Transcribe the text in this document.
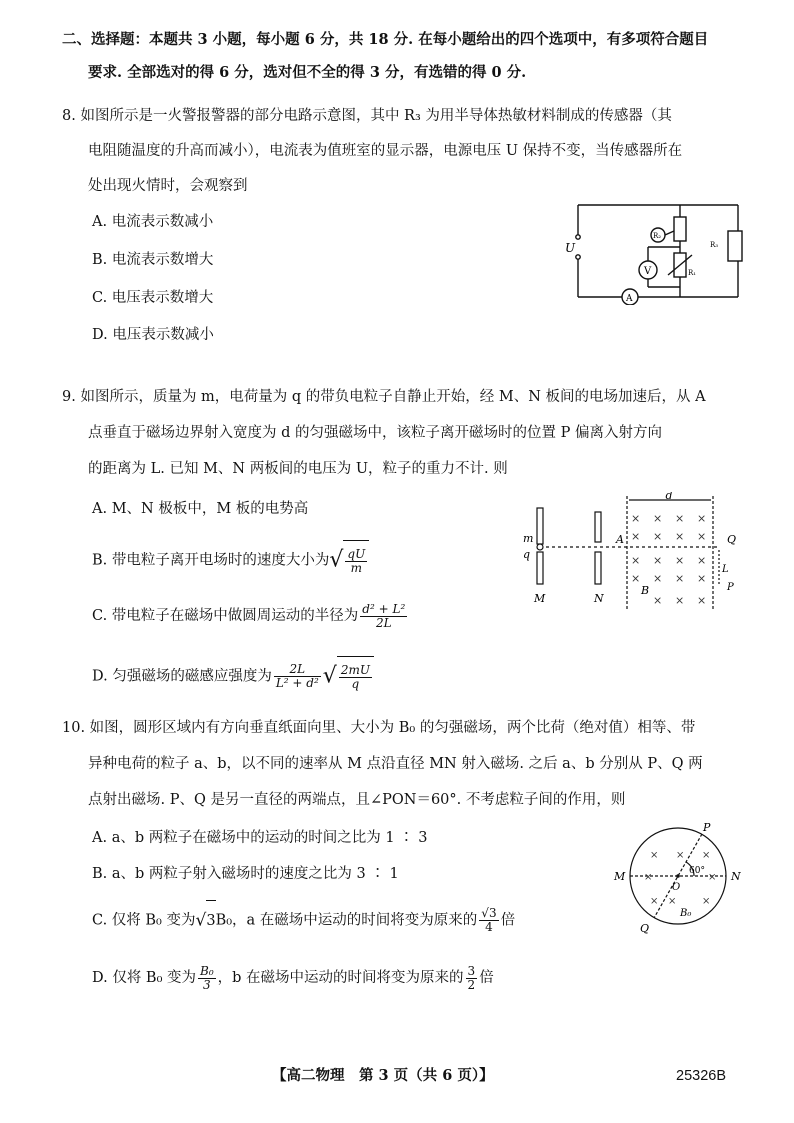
二、选择题：本题共 3 小题，每小题 6 分，共 18 分. 在每小题给出的四个选项中，有多项符合题目
要求. 全部选对的得 6 分，选对但不全的得 3 分，有选错的得 0 分.
8. 如图所示是一火警报警器的部分电路示意图，其中 R₃ 为用半导体热敏材料制成的传感器（其
电阻随温度的升高而减小），电流表为值班室的显示器，电源电压 U 保持不变，当传感器所在
处出现火情时，会观察到
A. 电流表示数减小
B. 电流表示数增大
C. 电压表示数增大
D. 电压表示数减小
U
R₂
R₁
R₃
V
A
9. 如图所示，质量为 m，电荷量为 q 的带负电粒子自静止开始，经 M、N 板间的电场加速后，从 A
点垂直于磁场边界射入宽度为 d 的匀强磁场中，该粒子离开磁场时的位置 P 偏离入射方向
的距离为 L. 已知 M、N 两板间的电压为 U，粒子的重力不计. 则
A. M、N 极板中，M 板的电势高
B. 带电粒子离开电场时的速度大小为√ $\frac{qU}{m}$
C. 带电粒子在磁场中做圆周运动的半径为 $\frac{\text{d² + L²}}{2L}$
D. 匀强磁场的磁感应强度为 $\frac{2L}{\text{L² + d²}}$ √ $\frac{2mU}{q}$
d
m
q
M	N
A	Q
L
P
B
× × × ×
× × × ×
× × × ×
× × × ×
× × ×
10. 如图，圆形区域内有方向垂直纸面向里、大小为 B₀ 的匀强磁场，两个比荷（绝对值）相等、带
异种电荷的粒子 a、b，以不同的速率从 M 点沿直径 MN 射入磁场. 之后 a、b 分别从 P、Q 两
点射出磁场. P、Q 是另一直径的两端点，且∠PON＝60°. 不考虑粒子间的作用，则
A. a、b 两粒子在磁场中的运动的时间之比为 1 ∶ 3
B. a、b 两粒子射入磁场时的速度之比为 3 ∶ 1
C. 仅将 B₀ 变为√3B₀，a 在磁场中运动的时间将变为原来的 $\frac{√3}{4}$ 倍
D. 仅将 B₀ 变为 $\frac{\text{B₀}}{3}$ ，b 在磁场中运动的时间将变为原来的 $\frac{3}{2}$ 倍
M	N
P
Q
O
60°
B₀
× × ×
×	×
× ×	×
【高二物理　第 3 页（共 6 页）】	25326B
